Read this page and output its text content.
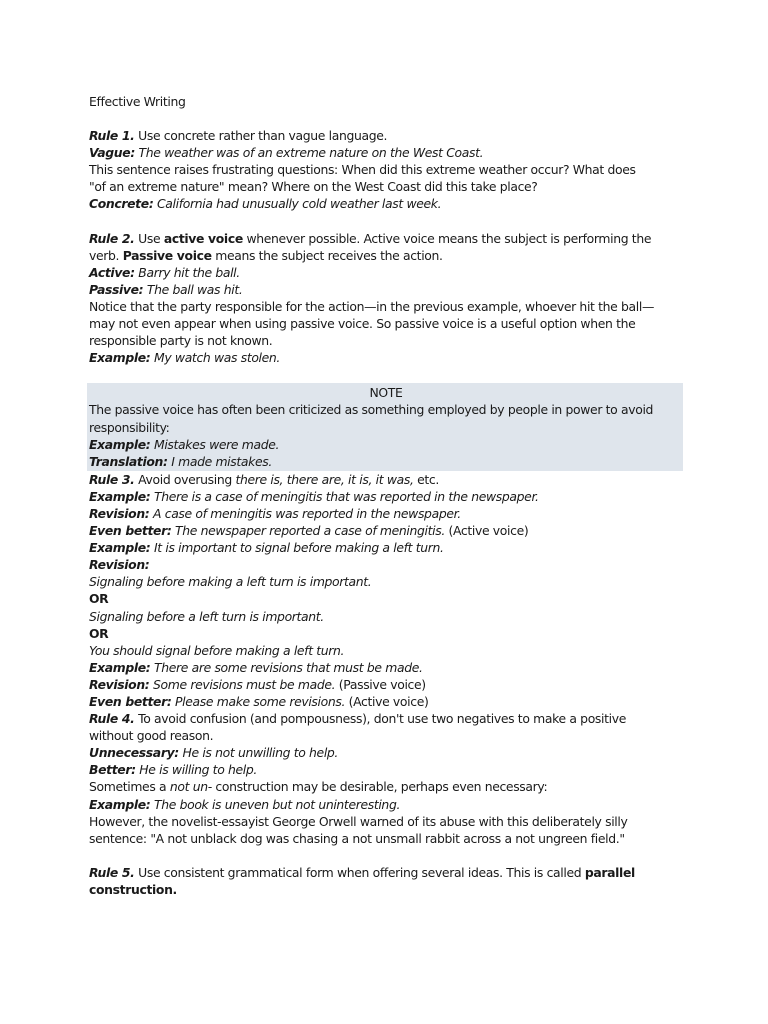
Effective Writing
Rule 1. Use concrete rather than vague language.
Vague: The weather was of an extreme nature on the West Coast.
This sentence raises frustrating questions: When did this extreme weather occur? What does
"of an extreme nature" mean? Where on the West Coast did this take place?
Concrete: California had unusually cold weather last week.
Rule 2. Use active voice whenever possible. Active voice means the subject is performing the
verb. Passive voice means the subject receives the action.
Active: Barry hit the ball.
Passive: The ball was hit.
Notice that the party responsible for the action—in the previous example, whoever hit the ball—
may not even appear when using passive voice. So passive voice is a useful option when the
responsible party is not known.
Example: My watch was stolen.
NOTE
The passive voice has often been criticized as something employed by people in power to avoid
responsibility:
Example: Mistakes were made.
Translation: I made mistakes.
Rule 3. Avoid overusing there is, there are, it is, it was, etc.
Example: There is a case of meningitis that was reported in the newspaper.
Revision: A case of meningitis was reported in the newspaper.
Even better: The newspaper reported a case of meningitis. (Active voice)
Example: It is important to signal before making a left turn.
Revision:
Signaling before making a left turn is important.
OR
Signaling before a left turn is important.
OR
You should signal before making a left turn.
Example: There are some revisions that must be made.
Revision: Some revisions must be made. (Passive voice)
Even better: Please make some revisions. (Active voice)
Rule 4. To avoid confusion (and pompousness), don't use two negatives to make a positive
without good reason.
Unnecessary: He is not unwilling to help.
Better: He is willing to help.
Sometimes a not un- construction may be desirable, perhaps even necessary:
Example: The book is uneven but not uninteresting.
However, the novelist-essayist George Orwell warned of its abuse with this deliberately silly
sentence: "A not unblack dog was chasing a not unsmall rabbit across a not ungreen field."
Rule 5. Use consistent grammatical form when offering several ideas. This is called parallel
construction.
